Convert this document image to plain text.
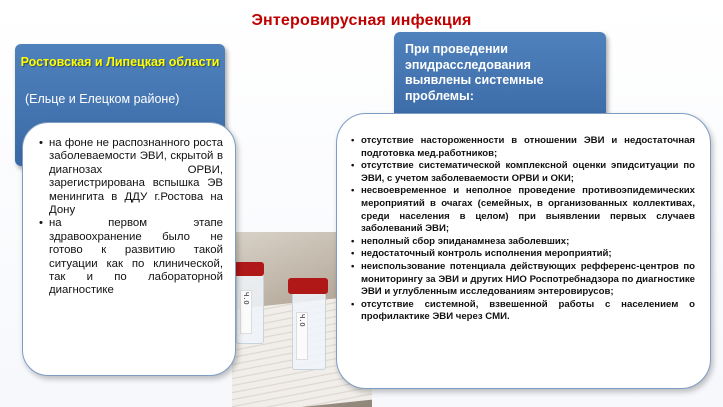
Энтеровирусная инфекция
Ч.О
Ч.О
Ростовская и Липецкая области
(Ельце и Елецком районе)
• на фоне не распознанного роста заболеваемости ЭВИ, скрытой в диагнозах ОРВИ, зарегистрирована вспышка ЭВ менингита в ДДУ г.Ростова на Дону
• на первом этапе здравоохранение было не готово к развитию такой ситуации как по клиническо​й, так и по лабораторной диагностике
При проведении эпидрасследования выявлены системные проблемы:
• отсутствие настороженности в отношении ЭВИ и недостаточная подготовка мед.работников;
• отсутствие систематической комплексной оценки эпидситуации по ЭВИ, с учетом заболеваемости ОРВИ и ОКИ;
• несвоевременное и неполное проведение противоэпидемических мероприятий в очагах (семейных, в организованных коллективах, среди населения в целом) при выявлении первых случаев заболеваний ЭВИ;
• неполный сбор эпиданамнеза заболевших;
• недостаточный контроль исполнения мероприятий;
• неиспользование потенциала действующих рефференс-центров по мониторингу за ЭВИ и других НИО Роспотребнадзора по диагностике ЭВИ и углубленным исследованиям энтеровирусов;
• отсутствие системной, взвешенной работы с населением о профилактике ЭВИ через СМИ.
